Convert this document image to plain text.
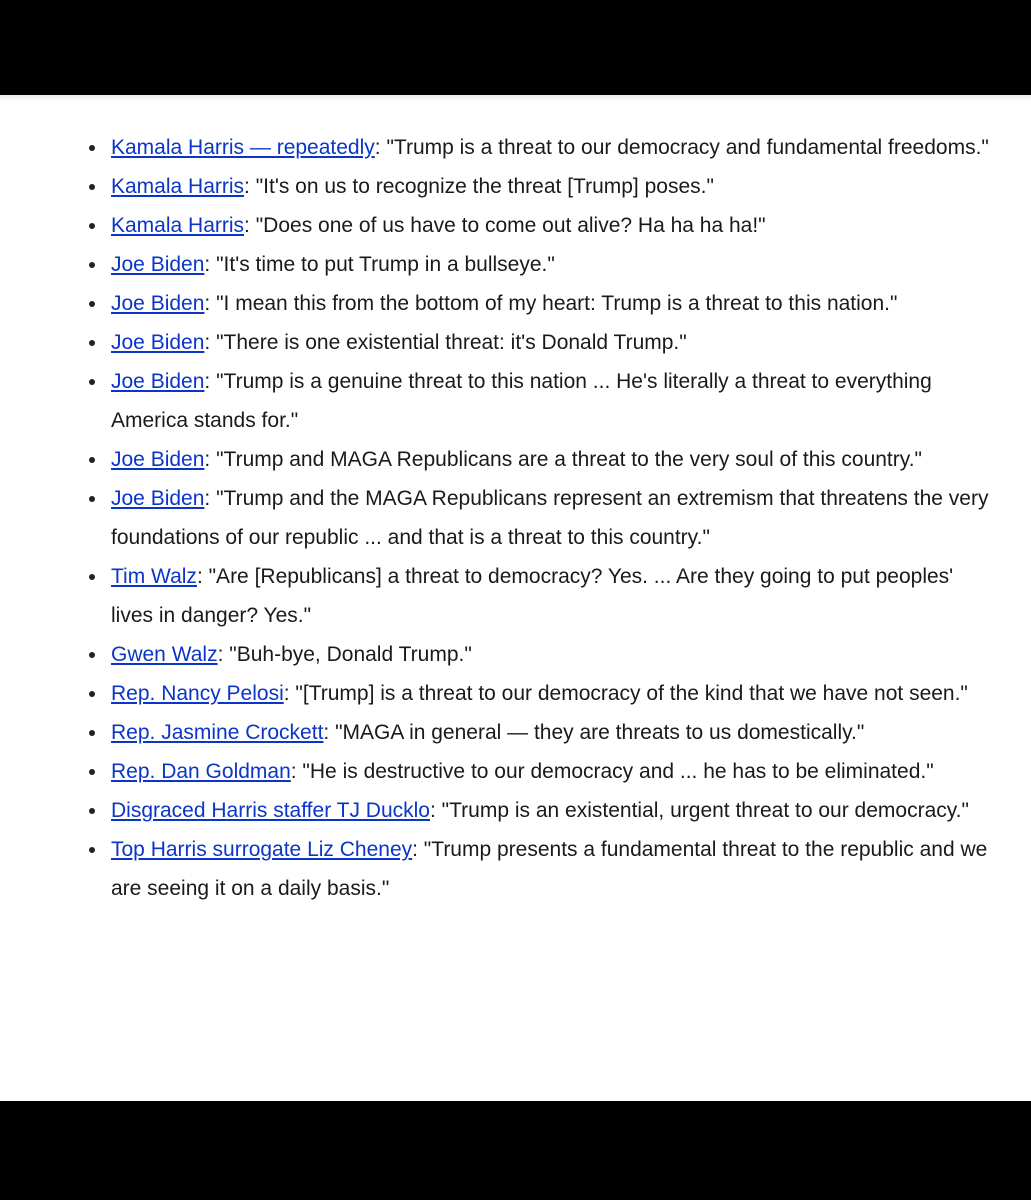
Kamala Harris — repeatedly: "Trump is a threat to our democracy and fundamental freedoms."
Kamala Harris: "It's on us to recognize the threat [Trump] poses."
Kamala Harris: "Does one of us have to come out alive? Ha ha ha ha!"
Joe Biden: "It's time to put Trump in a bullseye."
Joe Biden: "I mean this from the bottom of my heart: Trump is a threat to this nation."
Joe Biden: "There is one existential threat: it's Donald Trump."
Joe Biden: "Trump is a genuine threat to this nation ... He's literally a threat to everything America stands for."
Joe Biden: "Trump and MAGA Republicans are a threat to the very soul of this country."
Joe Biden: "Trump and the MAGA Republicans represent an extremism that threatens the very foundations of our republic ... and that is a threat to this country."
Tim Walz: "Are [Republicans] a threat to democracy? Yes. ... Are they going to put peoples' lives in danger? Yes."
Gwen Walz: "Buh-bye, Donald Trump."
Rep. Nancy Pelosi: "[Trump] is a threat to our democracy of the kind that we have not seen."
Rep. Jasmine Crockett: "MAGA in general — they are threats to us domestically."
Rep. Dan Goldman: "He is destructive to our democracy and ... he has to be eliminated."
Disgraced Harris staffer TJ Ducklo: "Trump is an existential, urgent threat to our democracy."
Top Harris surrogate Liz Cheney: "Trump presents a fundamental threat to the republic and we are seeing it on a daily basis."
